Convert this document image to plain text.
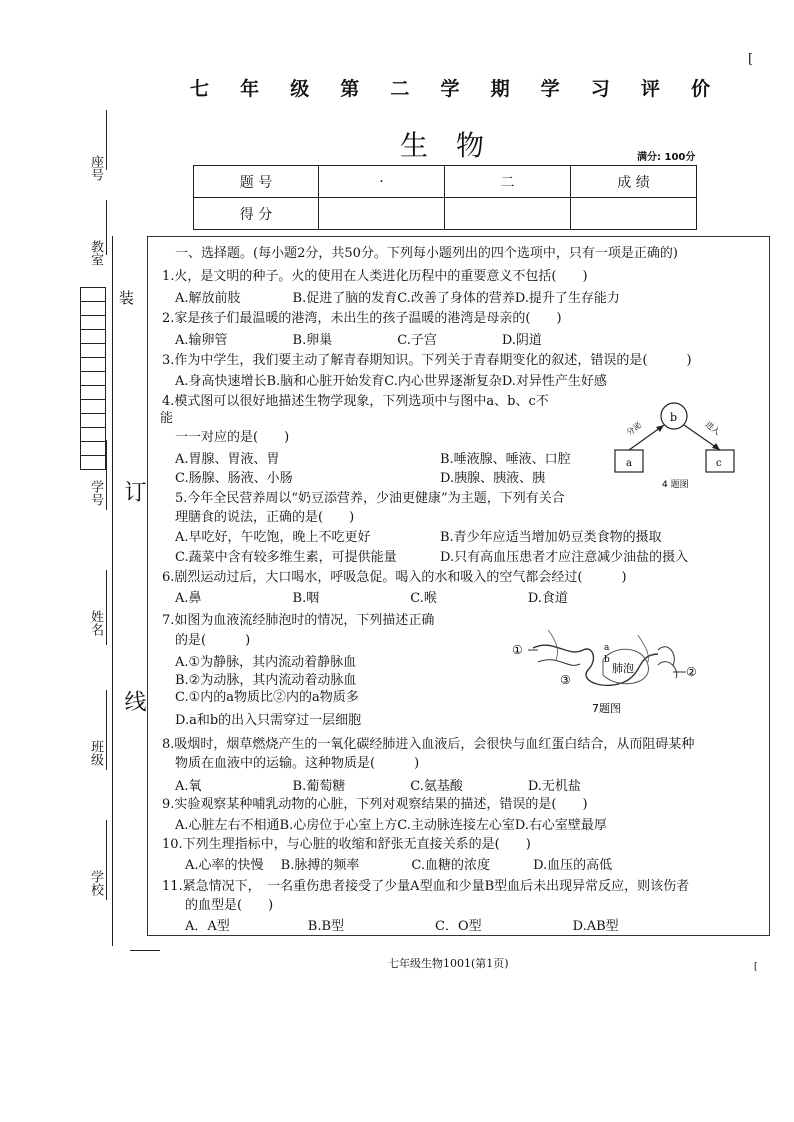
[
[
七 年 级 第 二 学 期 学 习 评 价
生物	满分: 100分
题 号	·	二	成 绩
得 分			
座号
教室
装
学号 订
姓名
线
班级
学校
一、选择题。(每小题2分，共50分。下列每小题列出的四个选项中，只有一项是正确的)
1.火，是文明的种子。火的使用在人类进化历程中的重要意义不包括(　　)
A.解放前肢　　　　B.促进了脑的发育C.改善了身体的营养D.提升了生存能力
2.家是孩子们最温暖的港湾，未出生的孩子温暖的港湾是母亲的(　　)
A.输卵管　　　　　B.卵巢　　　　　C.子宫　　　　　D.阴道
3.作为中学生，我们要主动了解青春期知识。下列关于青春期变化的叙述，错误的是(　　　)
A.身高快速增长B.脑和心脏开始发育C.内心世界逐渐复杂D.对异性产生好感
4.模式图可以很好地描述生物学现象，下列选项中与图中a、b、c不
能
一一对应的是(　　)
A.胃腺、胃液、胃	B.唾液腺、唾液、口腔
C.肠腺、肠液、小肠	D.胰腺、胰液、胰
5.今年全民营养周以“奶豆添营养，少油更健康”为主题，下列有关合
理膳食的说法，正确的是(　　)
A.早吃好，午吃饱，晚上不吃更好	B.青少年应适当增加奶豆类食物的摄取
C.蔬菜中含有较多维生素，可提供能量	D.只有高血压患者才应注意减少油盐的摄入
6.剧烈运动过后，大口喝水，呼吸急促。喝入的水和吸入的空气都会经过(　　　)
A.鼻　　　　　　　B.咽　　　　　　　C.喉　　　　　　　D.食道
7.如图为血液流经肺泡时的情况，下列描述正确
的是(　　　)
A.①为静脉，其内流动着静脉血
B.②为动脉，其内流动着动脉血
C.①内的a物质比②内的a物质多
D.a和b的出入只需穿过一层细胞
8.吸烟时，烟草燃烧产生的一氧化碳经肺进入血液后，会很快与血红蛋白结合，从而阻碍某种
物质在血液中的运输。这种物质是(　　　)
A.氧　　　　　　　B.葡萄糖　　　　　C.氨基酸　　　　　D.无机盐
9.实验观察某种哺乳动物的心脏，下列对观察结果的描述，错误的是(　　)
A.心脏左右不相通B.心房位于心室上方C.主动脉连接左心室D.右心室壁最厚
10.下列生理指标中，与心脏的收缩和舒张无直接关系的是(　　)
A.心率的快慢　 B.脉搏的频率　　　　C.血糖的浓度　　　 D.血压的高低
11.紧急情况下，　一名重伤患者接受了少量A型血和少量B型血后未出现异常反应，则该伤者
的血型是(　　)
A．A型　　　　　　B.B型　　　　　　　C．O型　　　　　　　D.AB型
b
a	c
分泌	进入
4 题图
①
②
③
a
b
肺泡
7题图
七年级生物1001(第1页)
